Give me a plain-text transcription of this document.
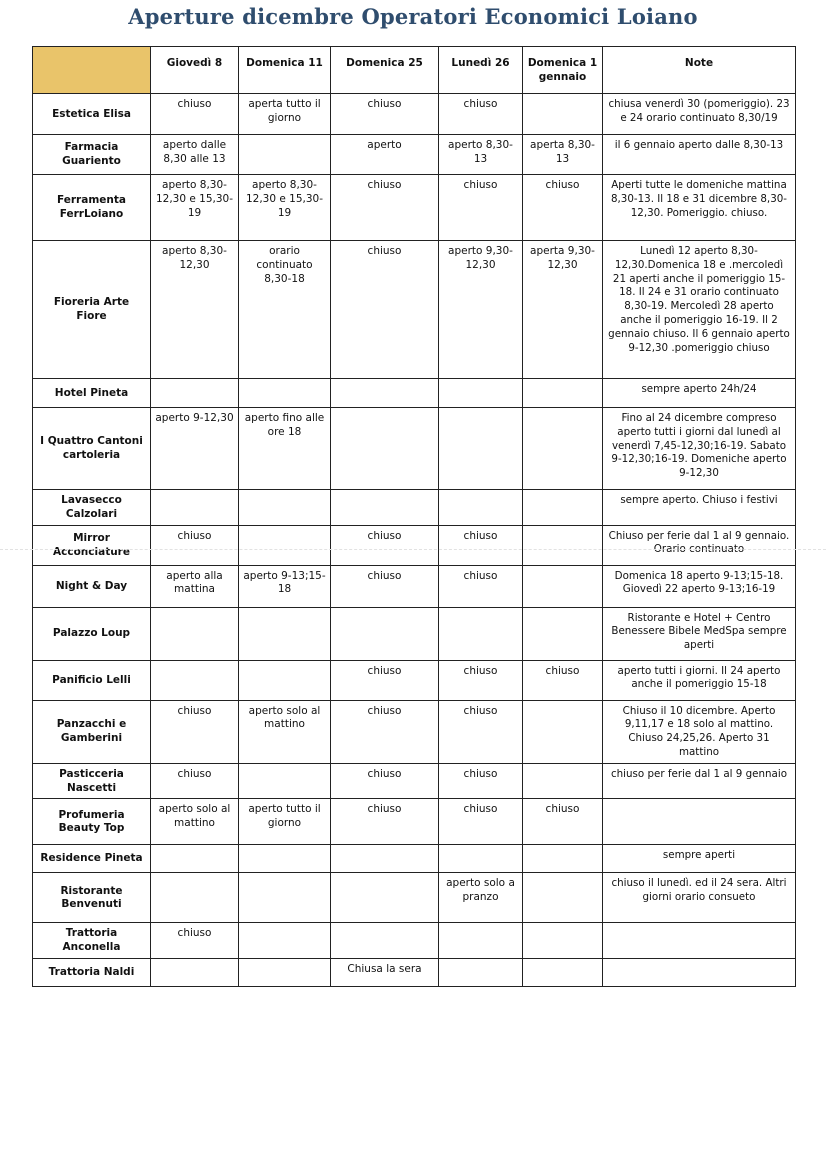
Aperture dicembre Operatori Economici Loiano
	Giovedì 8	Domenica 11	Domenica 25	Lunedì 26	Domenica 1 gennaio	Note
Estetica Elisa	chiuso	aperta tutto il giorno	chiuso	chiuso		chiusa venerdì 30 (pomeriggio). 23 e 24 orario continuato 8,30/19
Farmacia Guariento	aperto dalle 8,30 alle 13		aperto	aperto 8,30-13	aperta 8,30-13	il 6 gennaio aperto dalle 8,30-13
Ferramenta FerrLoiano	aperto 8,30-12,30 e 15,30-19	aperto 8,30-12,30 e 15,30-19	chiuso	chiuso	chiuso	Aperti tutte le domeniche mattina 8,30-13. Il 18 e 31 dicembre 8,30-12,30. Pomeriggio. chiuso.
Fioreria Arte Fiore	aperto 8,30-12,30	orario continuato 8,30-18	chiuso	aperto 9,30-12,30	aperta 9,30-12,30	Lunedì 12 aperto 8,30-12,30.Domenica 18 e .mercoledì 21 aperti anche il pomeriggio 15-18. Il 24 e 31 orario continuato 8,30-19. Mercoledì 28 aperto anche il pomeriggio 16-19. Il 2 gennaio chiuso. Il 6 gennaio aperto 9-12,30 .pomeriggio chiuso
Hotel Pineta						sempre aperto 24h/24
I Quattro Cantoni cartoleria	aperto 9-12,30	aperto fino alle ore 18				Fino al 24 dicembre compreso aperto tutti i giorni dal lunedì al venerdì 7,45-12,30;16-19. Sabato 9-12,30;16-19. Domeniche aperto 9-12,30
Lavasecco Calzolari						sempre aperto. Chiuso i festivi
Mirror Acconciature	chiuso		chiuso	chiuso		Chiuso per ferie dal 1 al 9 gennaio. Orario continuato
Night & Day	aperto alla mattina	aperto 9-13;15-18	chiuso	chiuso		Domenica 18 aperto 9-13;15-18. Giovedì 22 aperto 9-13;16-19
Palazzo Loup						Ristorante e Hotel + Centro Benessere Bibele MedSpa sempre aperti
Panificio Lelli			chiuso	chiuso	chiuso	aperto tutti i giorni. Il 24 aperto anche il pomeriggio 15-18
Panzacchi e Gamberini	chiuso	aperto solo al mattino	chiuso	chiuso		Chiuso il 10 dicembre. Aperto 9,11,17 e 18 solo al mattino. Chiuso 24,25,26. Aperto 31 mattino
Pasticceria Nascetti	chiuso		chiuso	chiuso		chiuso per ferie dal 1 al 9 gennaio
Profumeria Beauty Top	aperto solo al mattino	aperto tutto il giorno	chiuso	chiuso	chiuso	
Residence Pineta						sempre aperti
Ristorante Benvenuti				aperto solo a pranzo		chiuso il lunedì. ed il 24 sera. Altri giorni orario consueto
Trattoria Anconella	chiuso					
Trattoria Naldi			Chiusa la sera			
